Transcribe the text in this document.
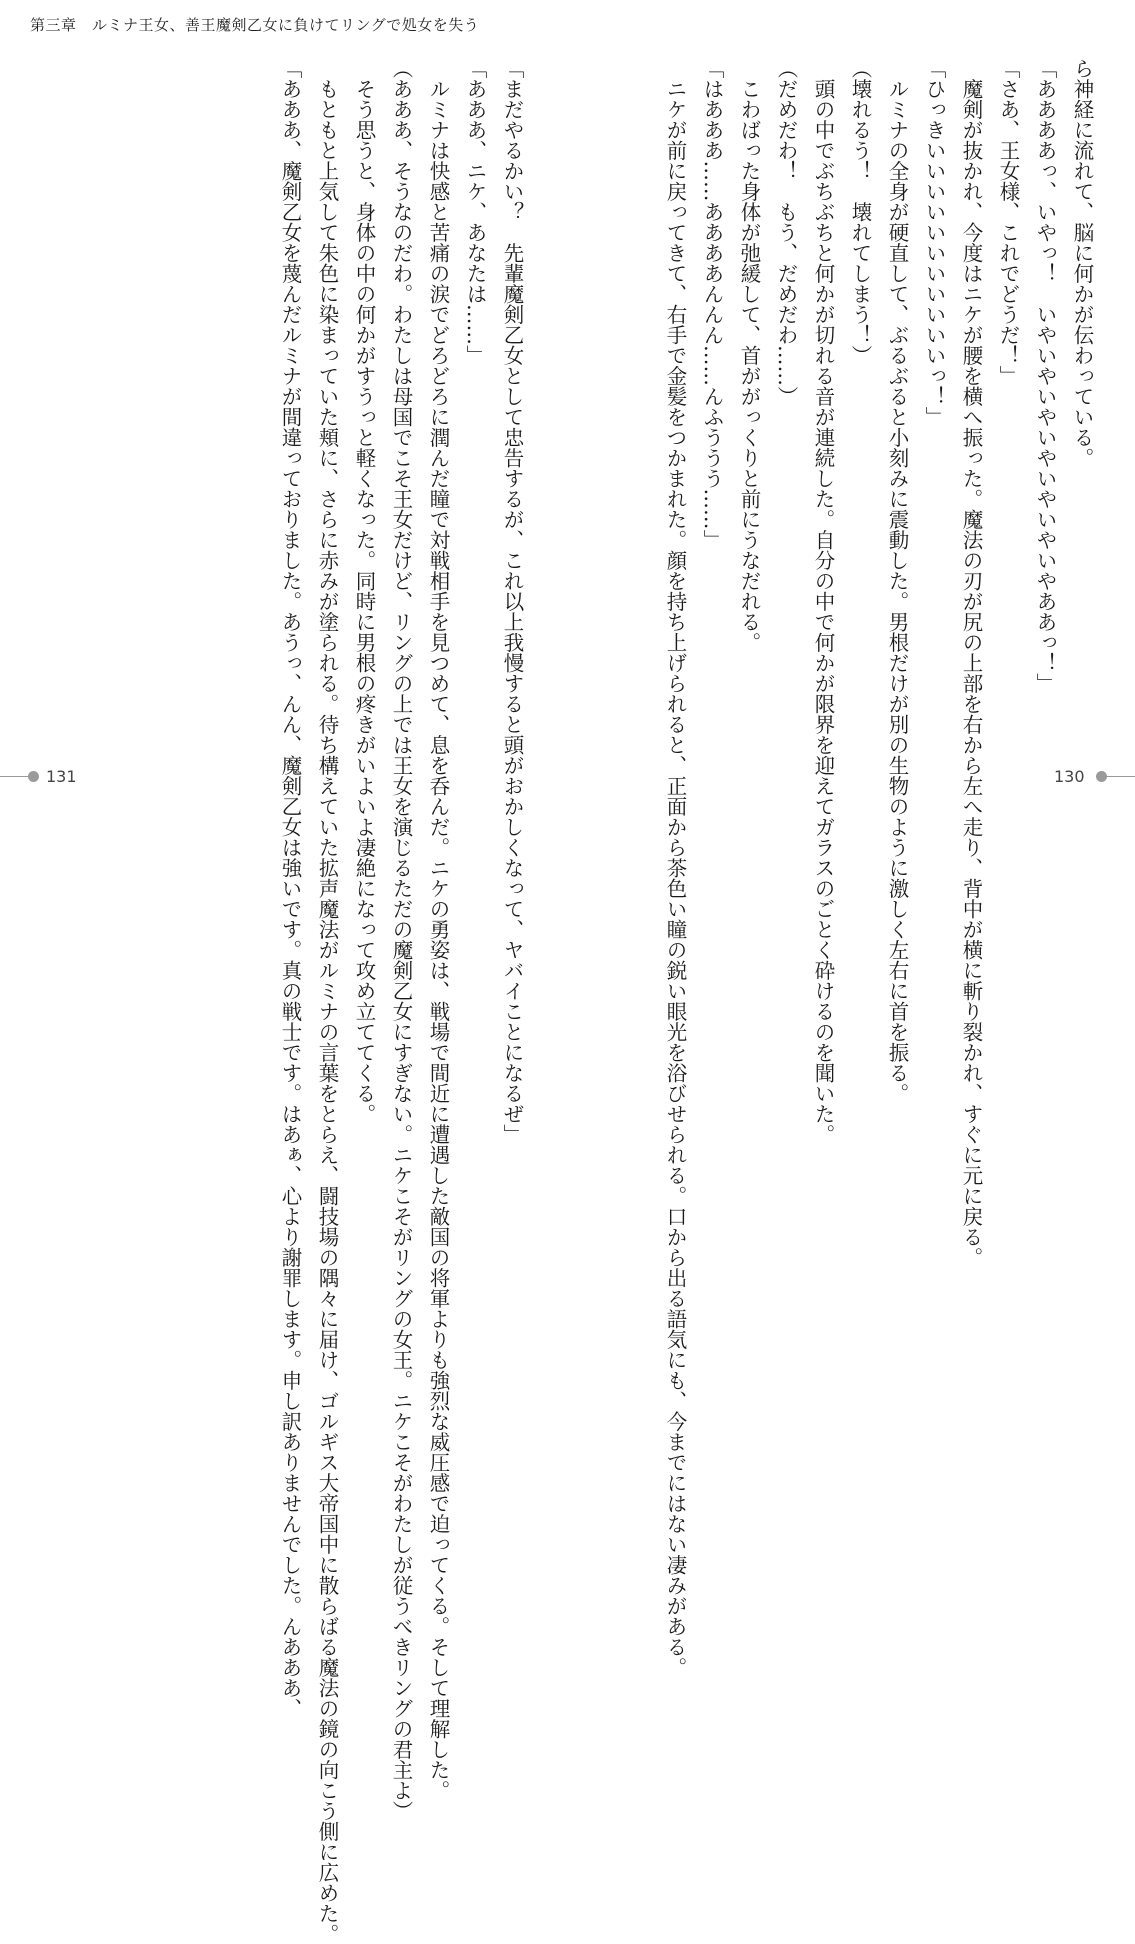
第三章　ルミナ王女、善王魔剣乙女に負けてリングで処女を失う
「まだやるかい？　先輩魔剣乙女として忠告するが、これ以上我慢すると頭がおかしくなって、ヤバイことになるぜ」
「あああ、ニケ、あなたは……」
　ルミナは快感と苦痛の涙でどろどろに潤んだ瞳で対戦相手を見つめて、息を呑んだ。ニケの勇姿は、戦場で間近に遭遇した敵国の将軍よりも強烈な威圧感で迫ってくる。そして理解した。
（あああ、そうなのだわ。わたしは母国でこそ王女だけど、リングの上では王女を演じるただの魔剣乙女にすぎない。ニケこそがリングの女王。ニケこそがわたしが従うべきリングの君主よ）
　そう思うと、身体の中の何かがすうっと軽くなった。同時に男根の疼きがいよいよ凄絶になって攻め立ててくる。
　もともと上気して朱色に染まっていた頬に、さらに赤みが塗られる。待ち構えていた拡声魔法がルミナの言葉をとらえ、闘技場の隅々に届け、ゴルギス大帝国中に散らばる魔法の鏡の向こう側に広めた。
「あああ、魔剣乙女を蔑んだルミナが間違っておりました。あうっ、んん、魔剣乙女は強いです。真の戦士です。はあぁ、心より謝罪します。申し訳ありませんでした。んあああ、	ら神経に流れて、脳に何かが伝わっている。
「ああああっ、いやっ！　いやいやいやいやいやいやいやああっ！」
「さあ、王女様、これでどうだ！」
　魔剣が抜かれ、今度はニケが腰を横へ振った。魔法の刃が尻の上部を右から左へ走り、背中が横に斬り裂かれ、すぐに元に戻る。
「ひっきいいいいいいいいいいいっ！」
　ルミナの全身が硬直して、ぶるぶると小刻みに震動した。男根だけが別の生物のように激しく左右に首を振る。
（壊れるう！　壊れてしまう！）
　頭の中でぶちぶちと何かが切れる音が連続した。自分の中で何かが限界を迎えてガラスのごとく砕けるのを聞いた。
（だめだわ！　もう、だめだわ……）
　こわばった身体が弛緩して、首ががっくりと前にうなだれる。
「はあああ……ああああんんん……んふううう……」
　ニケが前に戻ってきて、右手で金髪をつかまれた。顔を持ち上げられると、正面から茶色い瞳の鋭い眼光を浴びせられる。口から出る語気にも、今までにはない凄みがある。
131	130
